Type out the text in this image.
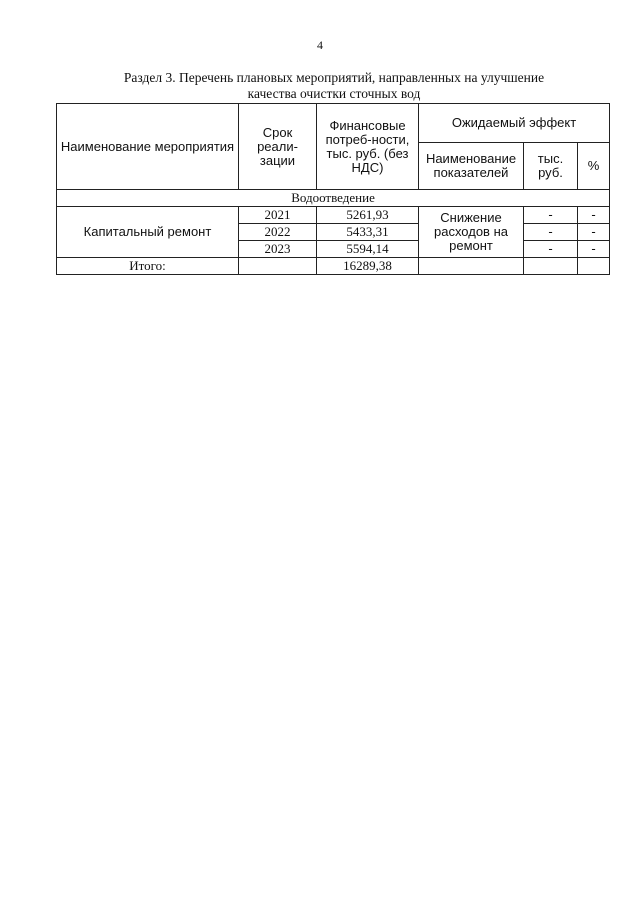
4
Раздел 3. Перечень плановых мероприятий, направленных на улучшение
качества очистки сточных вод
Наименование мероприятия	Срок реали-зации	Финансовые потреб-ности, тыс. руб. (без НДС)	Ожидаемый эффект		
			Наименование показателей	тыс. руб.	%
Водоотведение					
Капитальный ремонт	2021	5261,93	Снижение расходов на ремонт	-	-
	2022	5433,31		-	-
	2023	5594,14		-	-
Итого:		16289,38			
